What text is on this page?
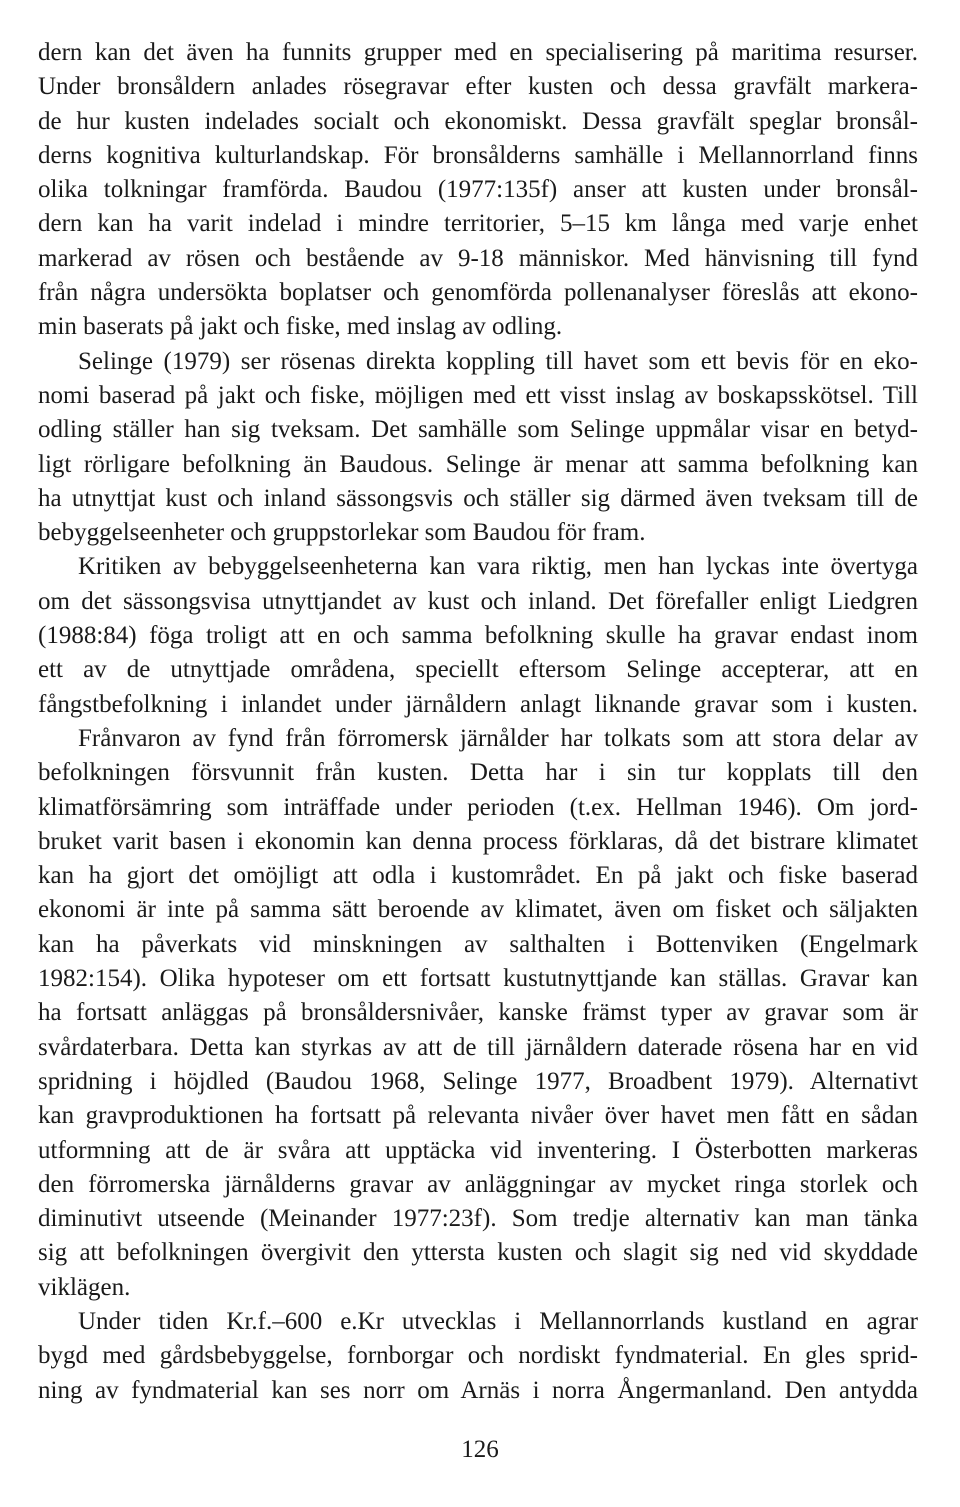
dern kan det även ha funnits grupper med en specialisering på maritima resurser.
Under bronsåldern anlades rösegravar efter kusten och dessa gravfält markera-
de hur kusten indelades socialt och ekonomiskt. Dessa gravfält speglar bronsål-
derns kognitiva kulturlandskap. För bronsålderns samhälle i Mellannorrland finns
olika tolkningar framförda. Baudou (1977:135f) anser att kusten under bronsål-
dern kan ha varit indelad i mindre territorier, 5–15 km långa med varje enhet
markerad av rösen och bestående av 9-18 människor. Med hänvisning till fynd
från några undersökta boplatser och genomförda pollenanalyser föreslås att ekono-
min baserats på jakt och fiske, med inslag av odling.
Selinge (1979) ser rösenas direkta koppling till havet som ett bevis för en eko-
nomi baserad på jakt och fiske, möjligen med ett visst inslag av boskapsskötsel. Till
odling ställer han sig tveksam. Det samhälle som Selinge uppmålar visar en betyd-
ligt rörligare befolkning än Baudous. Selinge är menar att samma befolkning kan
ha utnyttjat kust och inland sässongsvis och ställer sig därmed även tveksam till de
bebyggelseenheter och gruppstorlekar som Baudou för fram.
Kritiken av bebyggelseenheterna kan vara riktig, men han lyckas inte övertyga
om det sässongsvisa utnyttjandet av kust och inland. Det förefaller enligt Liedgren
(1988:84) föga troligt att en och samma befolkning skulle ha gravar endast inom
ett av de utnyttjade områdena, speciellt eftersom Selinge accepterar, att en
fångstbefolkning i inlandet under järnåldern anlagt liknande gravar som i kusten.
Frånvaron av fynd från förromersk järnålder har tolkats som att stora delar av
befolkningen försvunnit från kusten. Detta har i sin tur kopplats till den
klimatförsämring som inträffade under perioden (t.ex. Hellman 1946). Om jord-
bruket varit basen i ekonomin kan denna process förklaras, då det bistrare klimatet
kan ha gjort det omöjligt att odla i kustområdet. En på jakt och fiske baserad
ekonomi är inte på samma sätt beroende av klimatet, även om fisket och säljakten
kan ha påverkats vid minskningen av salthalten i Bottenviken (Engelmark
1982:154). Olika hypoteser om ett fortsatt kustutnyttjande kan ställas. Gravar kan
ha fortsatt anläggas på bronsåldersnivåer, kanske främst typer av gravar som är
svårdaterbara. Detta kan styrkas av att de till järnåldern daterade rösena har en vid
spridning i höjdled (Baudou 1968, Selinge 1977, Broadbent 1979). Alternativt
kan gravproduktionen ha fortsatt på relevanta nivåer över havet men fått en sådan
utformning att de är svåra att upptäcka vid inventering. I Österbotten markeras
den förromerska järnålderns gravar av anläggningar av mycket ringa storlek och
diminutivt utseende (Meinander 1977:23f). Som tredje alternativ kan man tänka
sig att befolkningen övergivit den yttersta kusten och slagit sig ned vid skyddade
viklägen.
Under tiden Kr.f.–600 e.Kr utvecklas i Mellannorrlands kustland en agrar
bygd med gårdsbebyggelse, fornborgar och nordiskt fyndmaterial. En gles sprid-
ning av fyndmaterial kan ses norr om Arnäs i norra Ångermanland. Den antydda
126
